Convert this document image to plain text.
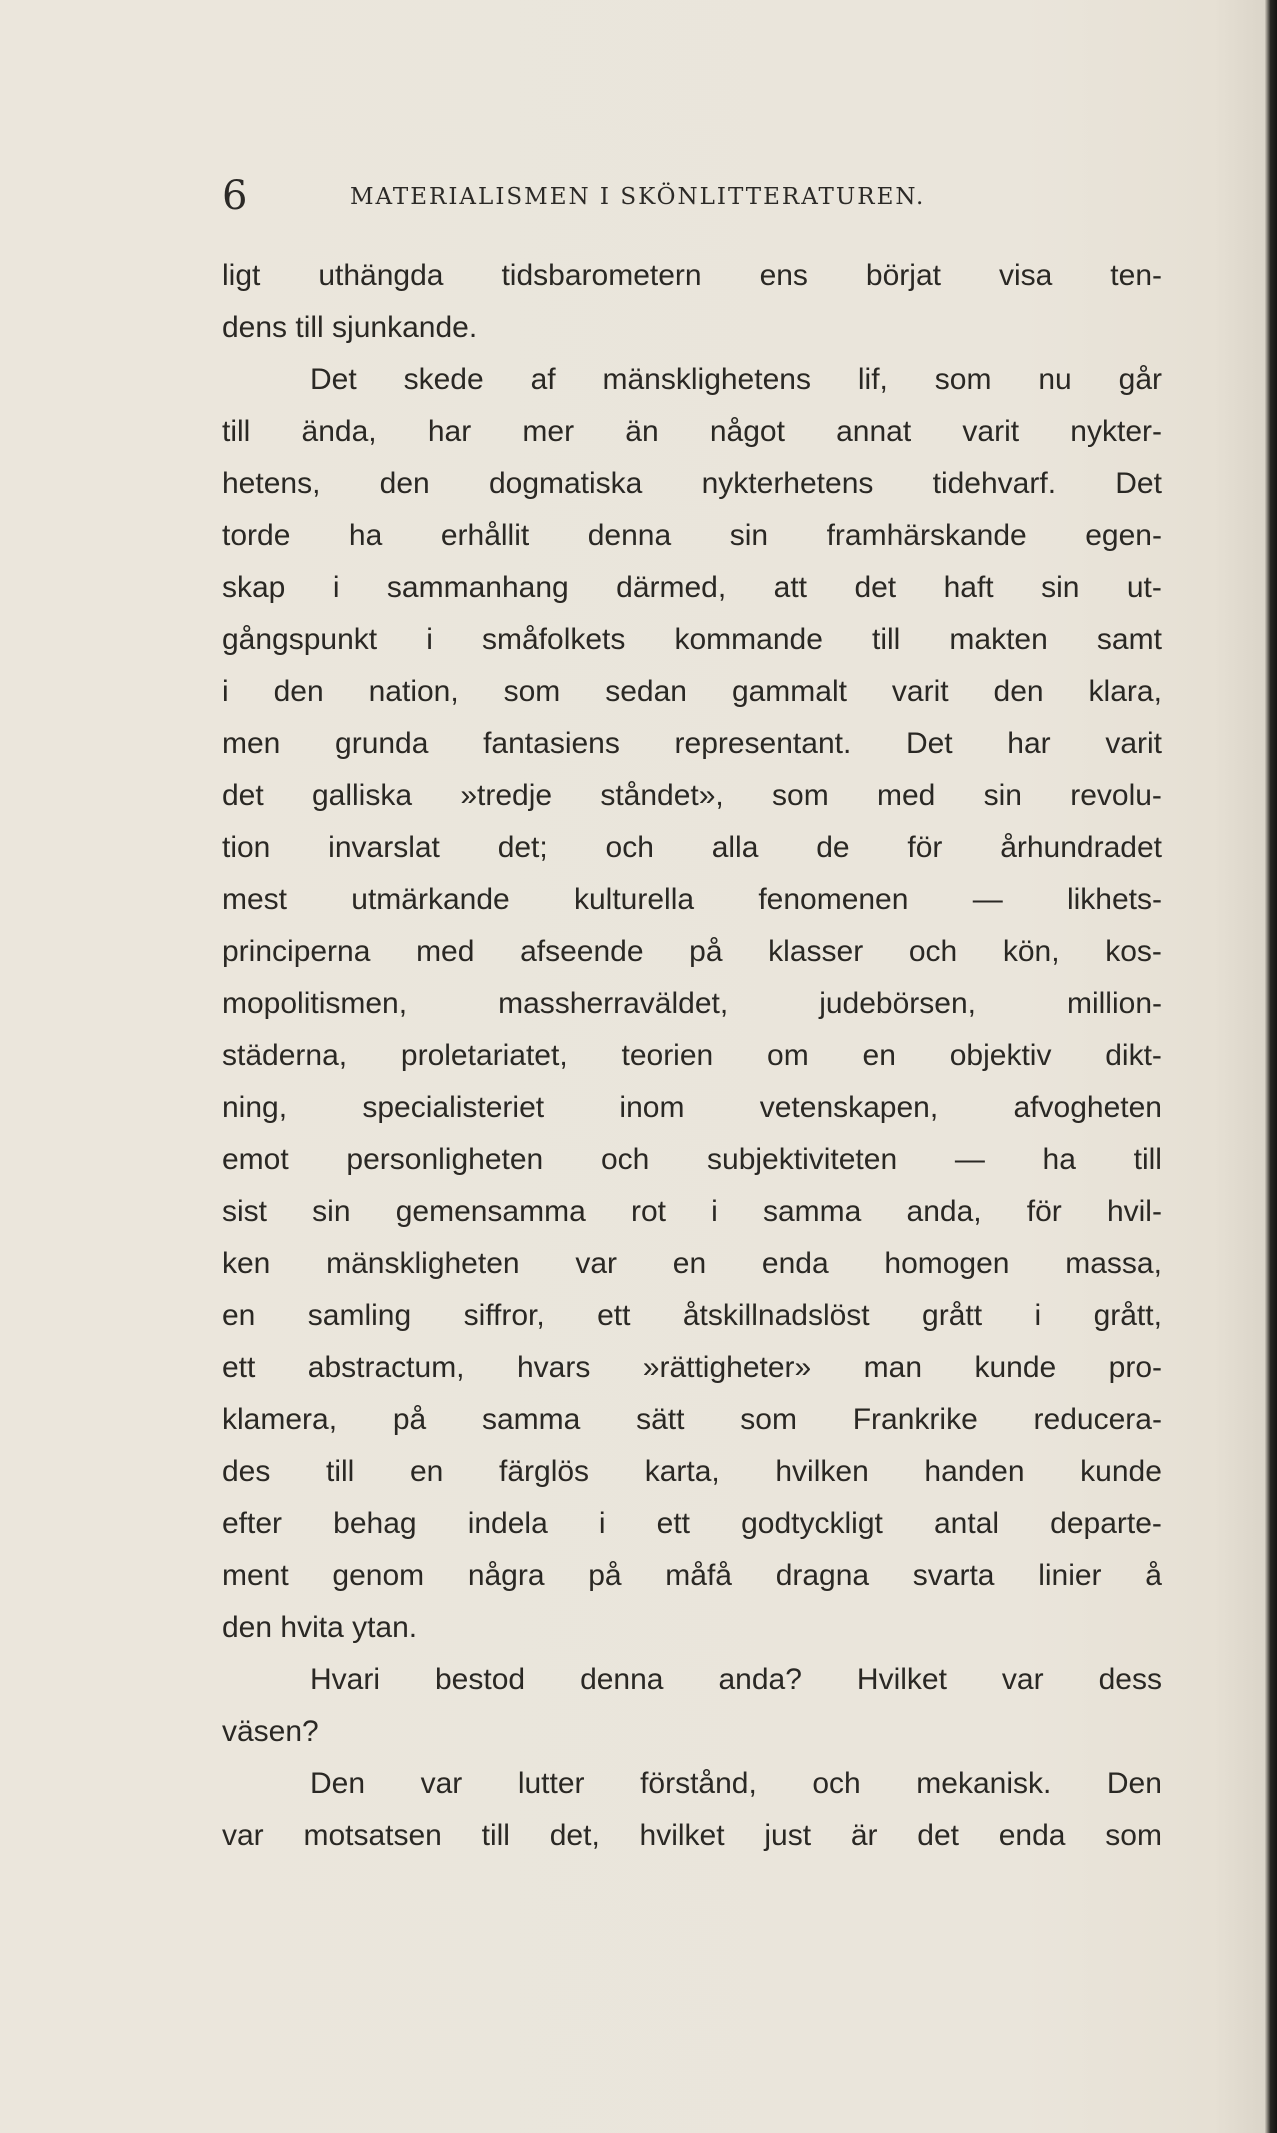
6	MATERIALISMEN I SKÖNLITTERATUREN.
ligt uthängda tidsbarometern ens börjat visa ten-
dens till sjunkande.
Det skede af mänsklighetens lif, som nu går
till ända, har mer än något annat varit nykter-
hetens, den dogmatiska nykterhetens tidehvarf. Det
torde ha erhållit denna sin framhärskande egen-
skap i sammanhang därmed, att det haft sin ut-
gångspunkt i småfolkets kommande till makten samt
i den nation, som sedan gammalt varit den klara,
men grunda fantasiens representant. Det har varit
det galliska »tredje ståndet», som med sin revolu-
tion invarslat det; och alla de för århundradet
mest utmärkande kulturella fenomenen — likhets-
principerna med afseende på klasser och kön, kos-
mopolitismen,	massherraväldet,	judebörsen,	million-
städerna, proletariatet, teorien om en objektiv dikt-
ning,	specialisteriet	inom	vetenskapen,	afvogheten
emot personligheten och subjektiviteten — ha till
sist sin gemensamma rot i samma anda, för hvil-
ken mänskligheten var en enda homogen massa,
en samling siffror, ett åtskillnadslöst grått i grått,
ett abstractum, hvars »rättigheter» man kunde pro-
klamera, på samma sätt som Frankrike reducera-
des till en färglös karta, hvilken handen kunde
efter behag indela i ett godtyckligt antal departe-
ment genom några på måfå dragna svarta linier å
den hvita ytan.
Hvari bestod denna anda? Hvilket var dess
väsen?
Den var lutter förstånd, och mekanisk. Den
var motsatsen till det, hvilket just är det enda som
